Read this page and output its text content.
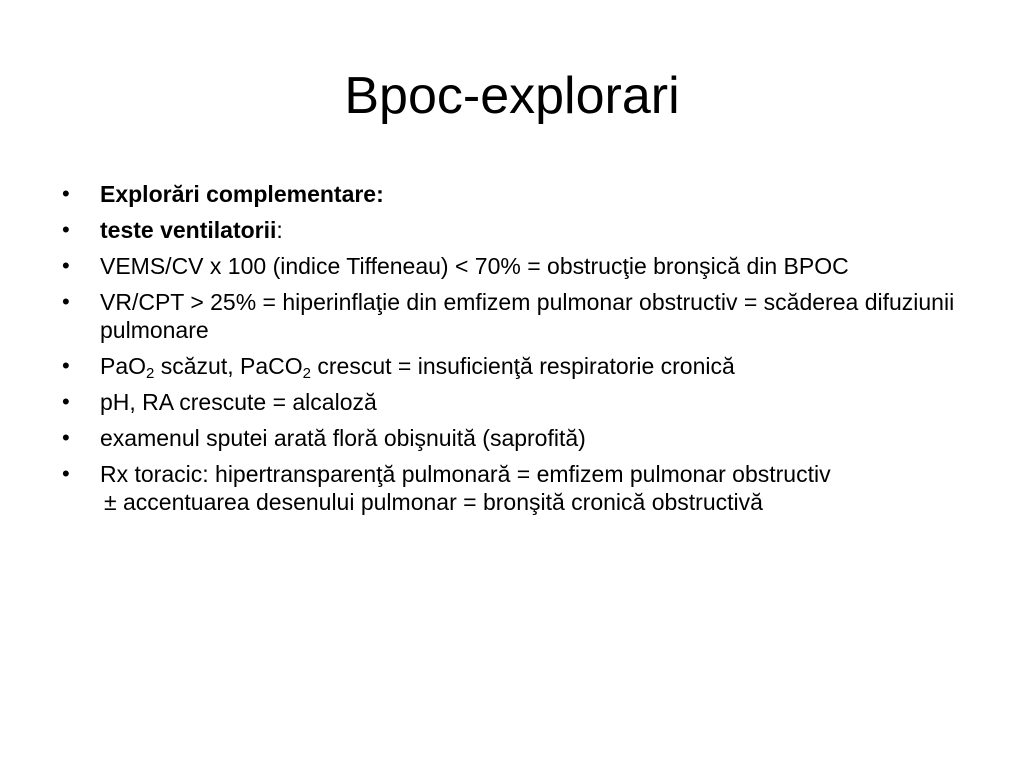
Bpoc-explorari
• Explorări complementare:
• teste ventilatorii:
• VEMS/CV x 100 (indice Tiffeneau) < 70% = obstrucţie bronşică din BPOC
• VR/CPT > 25% = hiperinflaţie din emfizem pulmonar obstructiv = scăderea difuziunii pulmonare
• PaO$_2$ scăzut, PaCO$_2$ crescut = insuficienţă respiratorie cronică
• pH, RA crescute = alcaloză
• examenul sputei arată floră obişnuită (saprofită)
• Rx toracic: hipertransparenţă pulmonară = emfizem pulmonar obstructiv
± accentuarea desenului pulmonar = bronşită cronică obstructivă
